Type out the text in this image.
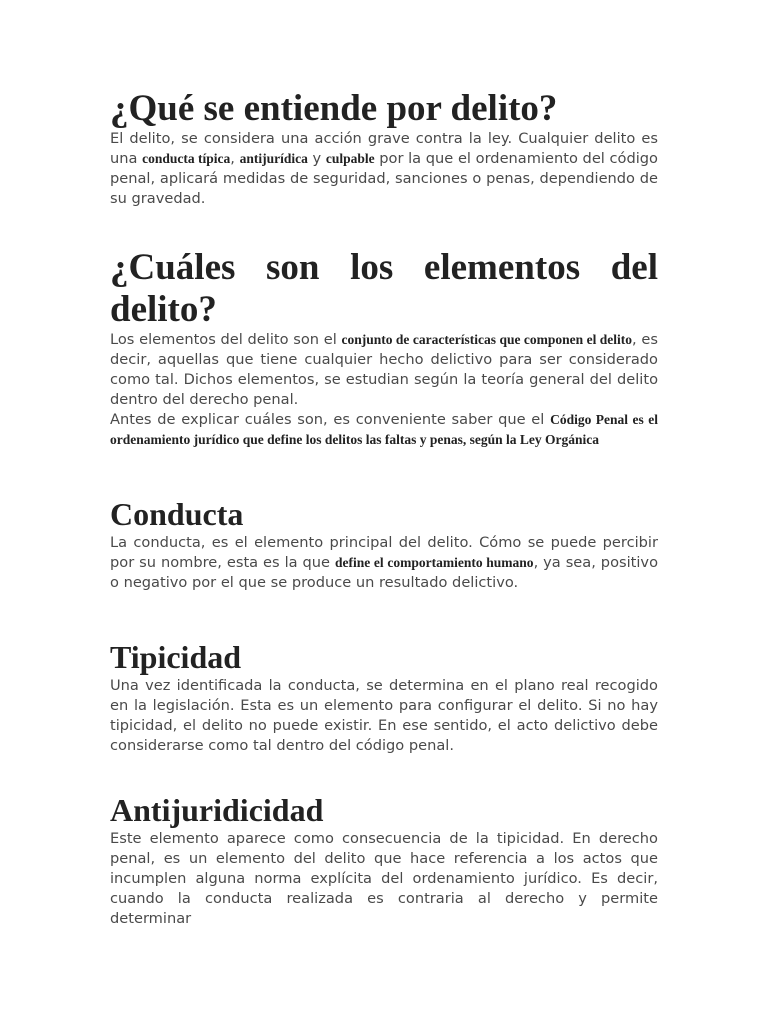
¿Qué se entiende por delito?

El delito, se considera una acción grave contra la ley. Cualquier delito es una conducta típica, antijurídica y culpable por la que el ordenamiento del código penal, aplicará medidas de seguridad, sanciones o penas, dependiendo de su gravedad.

¿Cuáles son los elementos del
delito?

Los elementos del delito son el conjunto de características que componen el delito, es decir, aquellas que tiene cualquier hecho delictivo para ser considerado como tal. Dichos elementos, se estudian según la teoría general del delito dentro del derecho penal.

Antes de explicar cuáles son, es conveniente saber que el Código Penal es el ordenamiento jurídico que define los delitos las faltas y penas, según la Ley Orgánica

Conducta

La conducta, es el elemento principal del delito. Cómo se puede percibir por su nombre, esta es la que define el comportamiento humano, ya sea, positivo o negativo por el que se produce un resultado delictivo.

Tipicidad

Una vez identificada la conducta, se determina en el plano real recogido en la legislación. Esta es un elemento para configurar el delito. Si no hay tipicidad, el delito no puede existir. En ese sentido, el acto delictivo debe considerarse como tal dentro del código penal.

Antijuridicidad

Este elemento aparece como consecuencia de la tipicidad. En derecho penal, es un elemento del delito que hace referencia a los actos que incumplen alguna norma explícita del ordenamiento jurídico. Es decir, cuando la conducta realizada es contraria al derecho y permite determinar
